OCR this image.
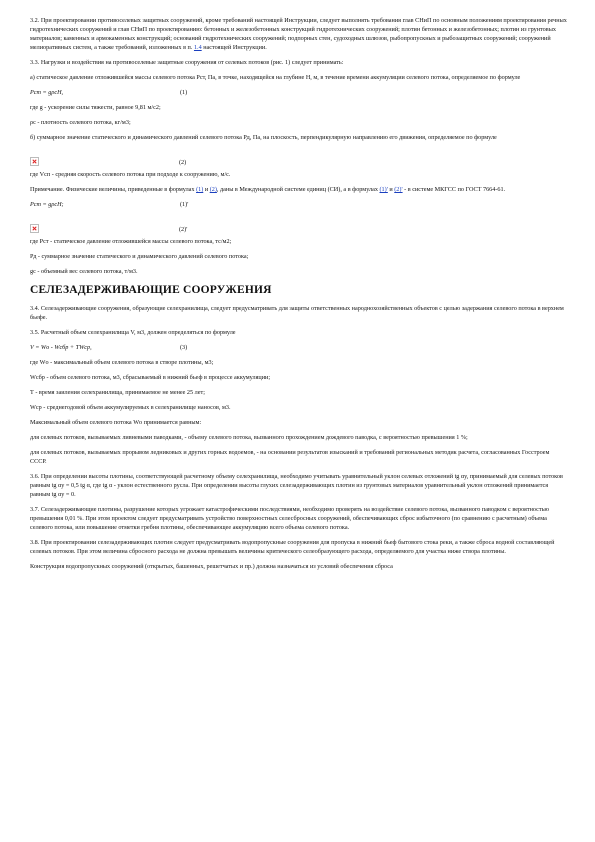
3.2. При проектировании противоселевых защитных сооружений, кроме требований настоящей Инструкции, следует выполнять требования глав СНиП по основным положениям проектирования речных гидротехнических сооружений и глав СНиП по проектированию: бетонных и железобетонных конструкций гидротехнических сооружений; плотин бетонных и железобетонных; плотин из грунтовых материалов; каменных и армокаменных конструкций; оснований гидротехнических сооружений; подпорных стен, судоходных шлюзов, рыбопропускных и рыбозащитных сооружений; сооружений мелиоративных систем, а также требований, изложенных в п. 1.4 настоящей Инструкции.

3.3. Нагрузки и воздействия на противоселевые защитные сооружения от селевых потоков (рис. 1) следует принимать:

а) статическое давление отложившейся массы селевого потока Рст, Па, в точке, находящейся на глубине Н, м, в течение времени аккумуляции селевого потока, определяемое по формуле

Рст = gρсН,	(1)

где g - ускорение силы тяжести, равное 9,81 м/с2;

ρс - плотность селевого потока, кг/м3;

б) суммарное значение статического и динамического давлений селевого потока Рд, Па, на плоскость, перпендикулярную направлению его движения, определяемое по формуле

(2)

где Vсп - средняя скорость селевого потока при подходе к сооружению, м/с.

Примечание. Физические величины, приведенные в формулах (1) и (2), даны в Международной системе единиц (СИ), а в формулах (1)' и (2)' - в системе МКГСС по ГОСТ 7664-61.

Рст = gρсН;	(1)'
(2)'

где Рст - статическое давление отложившейся массы селевого потока, тс/м2;

Рд - суммарное значение статического и динамического давлений селевого потока;

gс - объемный вес селевого потока, т/м3.

СЕЛЕЗАДЕРЖИВАЮЩИЕ СООРУЖЕНИЯ

3.4. Селезадерживающие сооружения, образующие селехранилища, следует предусматривать для защиты ответственных народнохозяйственных объектов с целью задержания селевого потока в верхнем бьефе.

3.5. Расчетный объем селехранилища V, м3, должен определяться по формуле

V = Wо - Wсбр + ТWср,	(3)

где Wо - максимальный объем селевого потока в створе плотины, м3;

Wсбр - объем селевого потока, м3, сбрасываемый в нижний бьеф в процессе аккумуляции;

Т - время заиления селехранилища, принимаемое не менее 25 лет;

Wср - среднегодовой объем аккумулируемых в селехранилище наносов, м3.

Максимальный объем селевого потока Wо принимается равным:

для селевых потоков, вызываемых ливневыми паводками, - объему селевого потока, вызванного прохождением дождевого паводка, с вероятностью превышения 1 %;

для селевых потоков, вызываемых прорывом ледниковых и других горных водоемов, - на основании результатов изысканий и требований региональных методик расчета, согласованных Госстроем СССР.

3.6. При определении высоты плотины, соответствующей расчетному объему селехранилища, необходимо учитывать уравнительный уклон селевых отложений tg αу, принимаемый для селевых потоков равным tg αу = 0,5 tg α, где tg α - уклон естественного русла. При определении высоты глухих селезадерживающих плотин из грунтовых материалов уравнительный уклон отложений принимается равным tg αу = 0.

3.7. Селезадерживающие плотины, разрушение которых угрожает катастрофическими последствиями, необходимо проверять на воздействие селевого потока, вызванного паводком с вероятностью превышения 0,01 %. При этом проектом следует предусматривать устройство поверхностных селесбросных сооружений, обеспечивающих сброс избыточного (по сравнению с расчетным) объема селевого потока, или повышение отметки гребня плотины, обеспечивающее аккумуляцию всего объема селевого потока.

3.8. При проектировании селезадерживающих плотин следует предусматривать водопропускные сооружения для пропуска в нижний бьеф бытового стока реки, а также сброса водной составляющей селевых потоков. При этом величина сбросного расхода не должна превышать величины критического селеобразующего расхода, определяемого для участка ниже створа плотины.

Конструкция водопропускных сооружений (открытых, башенных, решетчатых и пр.) должна назначаться из условий обеспечения сброса
